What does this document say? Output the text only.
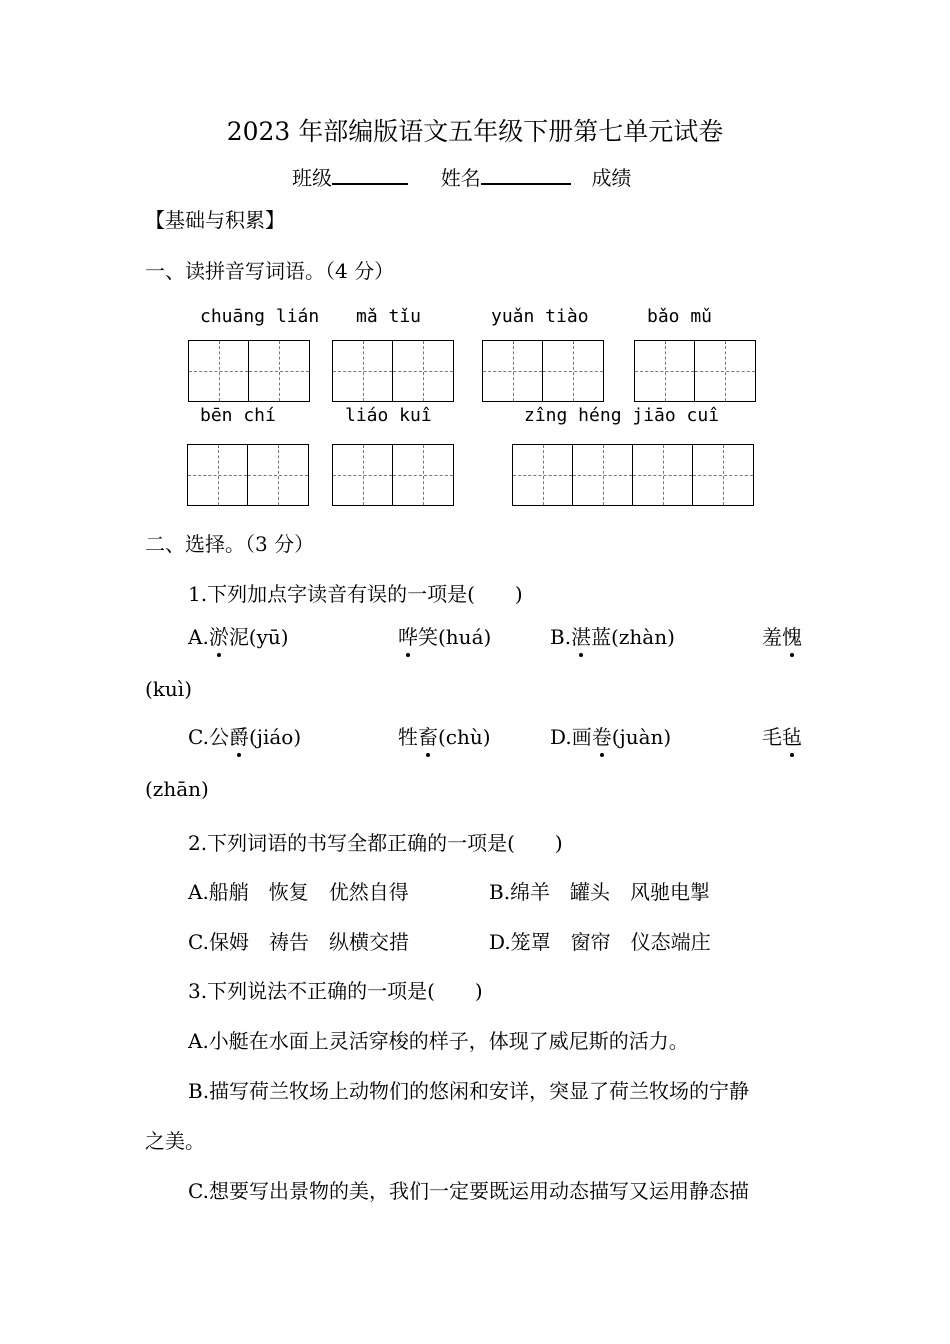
2023 年部编版语文五年级下册第七单元试卷
班级	姓名	成绩
【基础与积累】
一、读拼音写词语。（4 分）
chuāng lián mǎ tǐu	yuǎn tiào	bǎo mǔ
bēn chí	liáo kuî	zîng héng jiāo cuî
二、选择。（3 分）
1.下列加点字读音有误的一项是(　　)
A.淤泥(yū)	哗笑(huá)	B.湛蓝(zhàn)	羞愧
(kuì)
C.公爵(jiáo)	牲畜(chù)	D.画卷(juàn)	毛毡
(zhān)
2.下列词语的书写全都正确的一项是(　　)
A.船艄　恢复　优然自得	B.绵羊　罐头　风驰电掣
C.保姆　祷告　纵横交措	D.笼罩　窗帘　仪态端庄
3.下列说法不正确的一项是(　　)
A.小艇在水面上灵活穿梭的样子，体现了威尼斯的活力。
B.描写荷兰牧场上动物们的悠闲和安详，突显了荷兰牧场的宁静
之美。
C.想要写出景物的美，我们一定要既运用动态描写又运用静态描
